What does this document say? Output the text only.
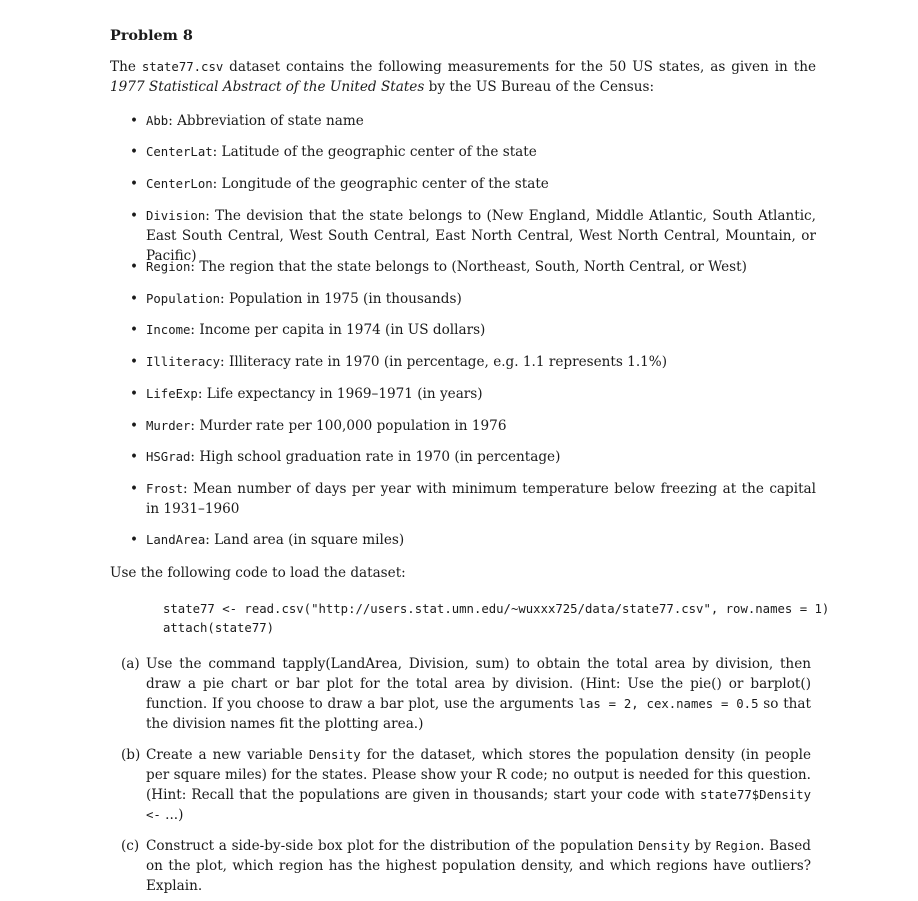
Problem 8
The state77.csv dataset contains the following measurements for the 50 US states, as given in the 1977 Statistical Abstract of the United States by the US Bureau of the Census:
• Abb: Abbreviation of state name
• CenterLat: Latitude of the geographic center of the state
• CenterLon: Longitude of the geographic center of the state
• Division: The devision that the state belongs to (New England, Middle Atlantic, South Atlantic, East South Central, West South Central, East North Central, West North Central, Mountain, or Pacific)
• Region: The region that the state belongs to (Northeast, South, North Central, or West)
• Population: Population in 1975 (in thousands)
• Income: Income per capita in 1974 (in US dollars)
• Illiteracy: Illiteracy rate in 1970 (in percentage, e.g. 1.1 represents 1.1%)
• LifeExp: Life expectancy in 1969–1971 (in years)
• Murder: Murder rate per 100,000 population in 1976
• HSGrad: High school graduation rate in 1970 (in percentage)
• Frost: Mean number of days per year with minimum temperature below freezing at the capital in 1931–1960
• LandArea: Land area (in square miles)
Use the following code to load the dataset:
state77 <- read.csv("http://users.stat.umn.edu/~wuxxx725/data/state77.csv", row.names = 1)
attach(state77)
(a) Use the command tapply(LandArea, Division, sum) to obtain the total area by division, then draw a pie chart or bar plot for the total area by division. (Hint: Use the pie() or barplot() function. If you choose to draw a bar plot, use the arguments las = 2, cex.names = 0.5 so that the division names fit the plotting area.)
(b) Create a new variable Density for the dataset, which stores the population density (in people per square miles) for the states. Please show your R code; no output is needed for this question. (Hint: Recall that the populations are given in thousands; start your code with state77$Density <- ...)
(c) Construct a side-by-side box plot for the distribution of the population Density by Region. Based on the plot, which region has the highest population density, and which regions have outliers? Explain.
